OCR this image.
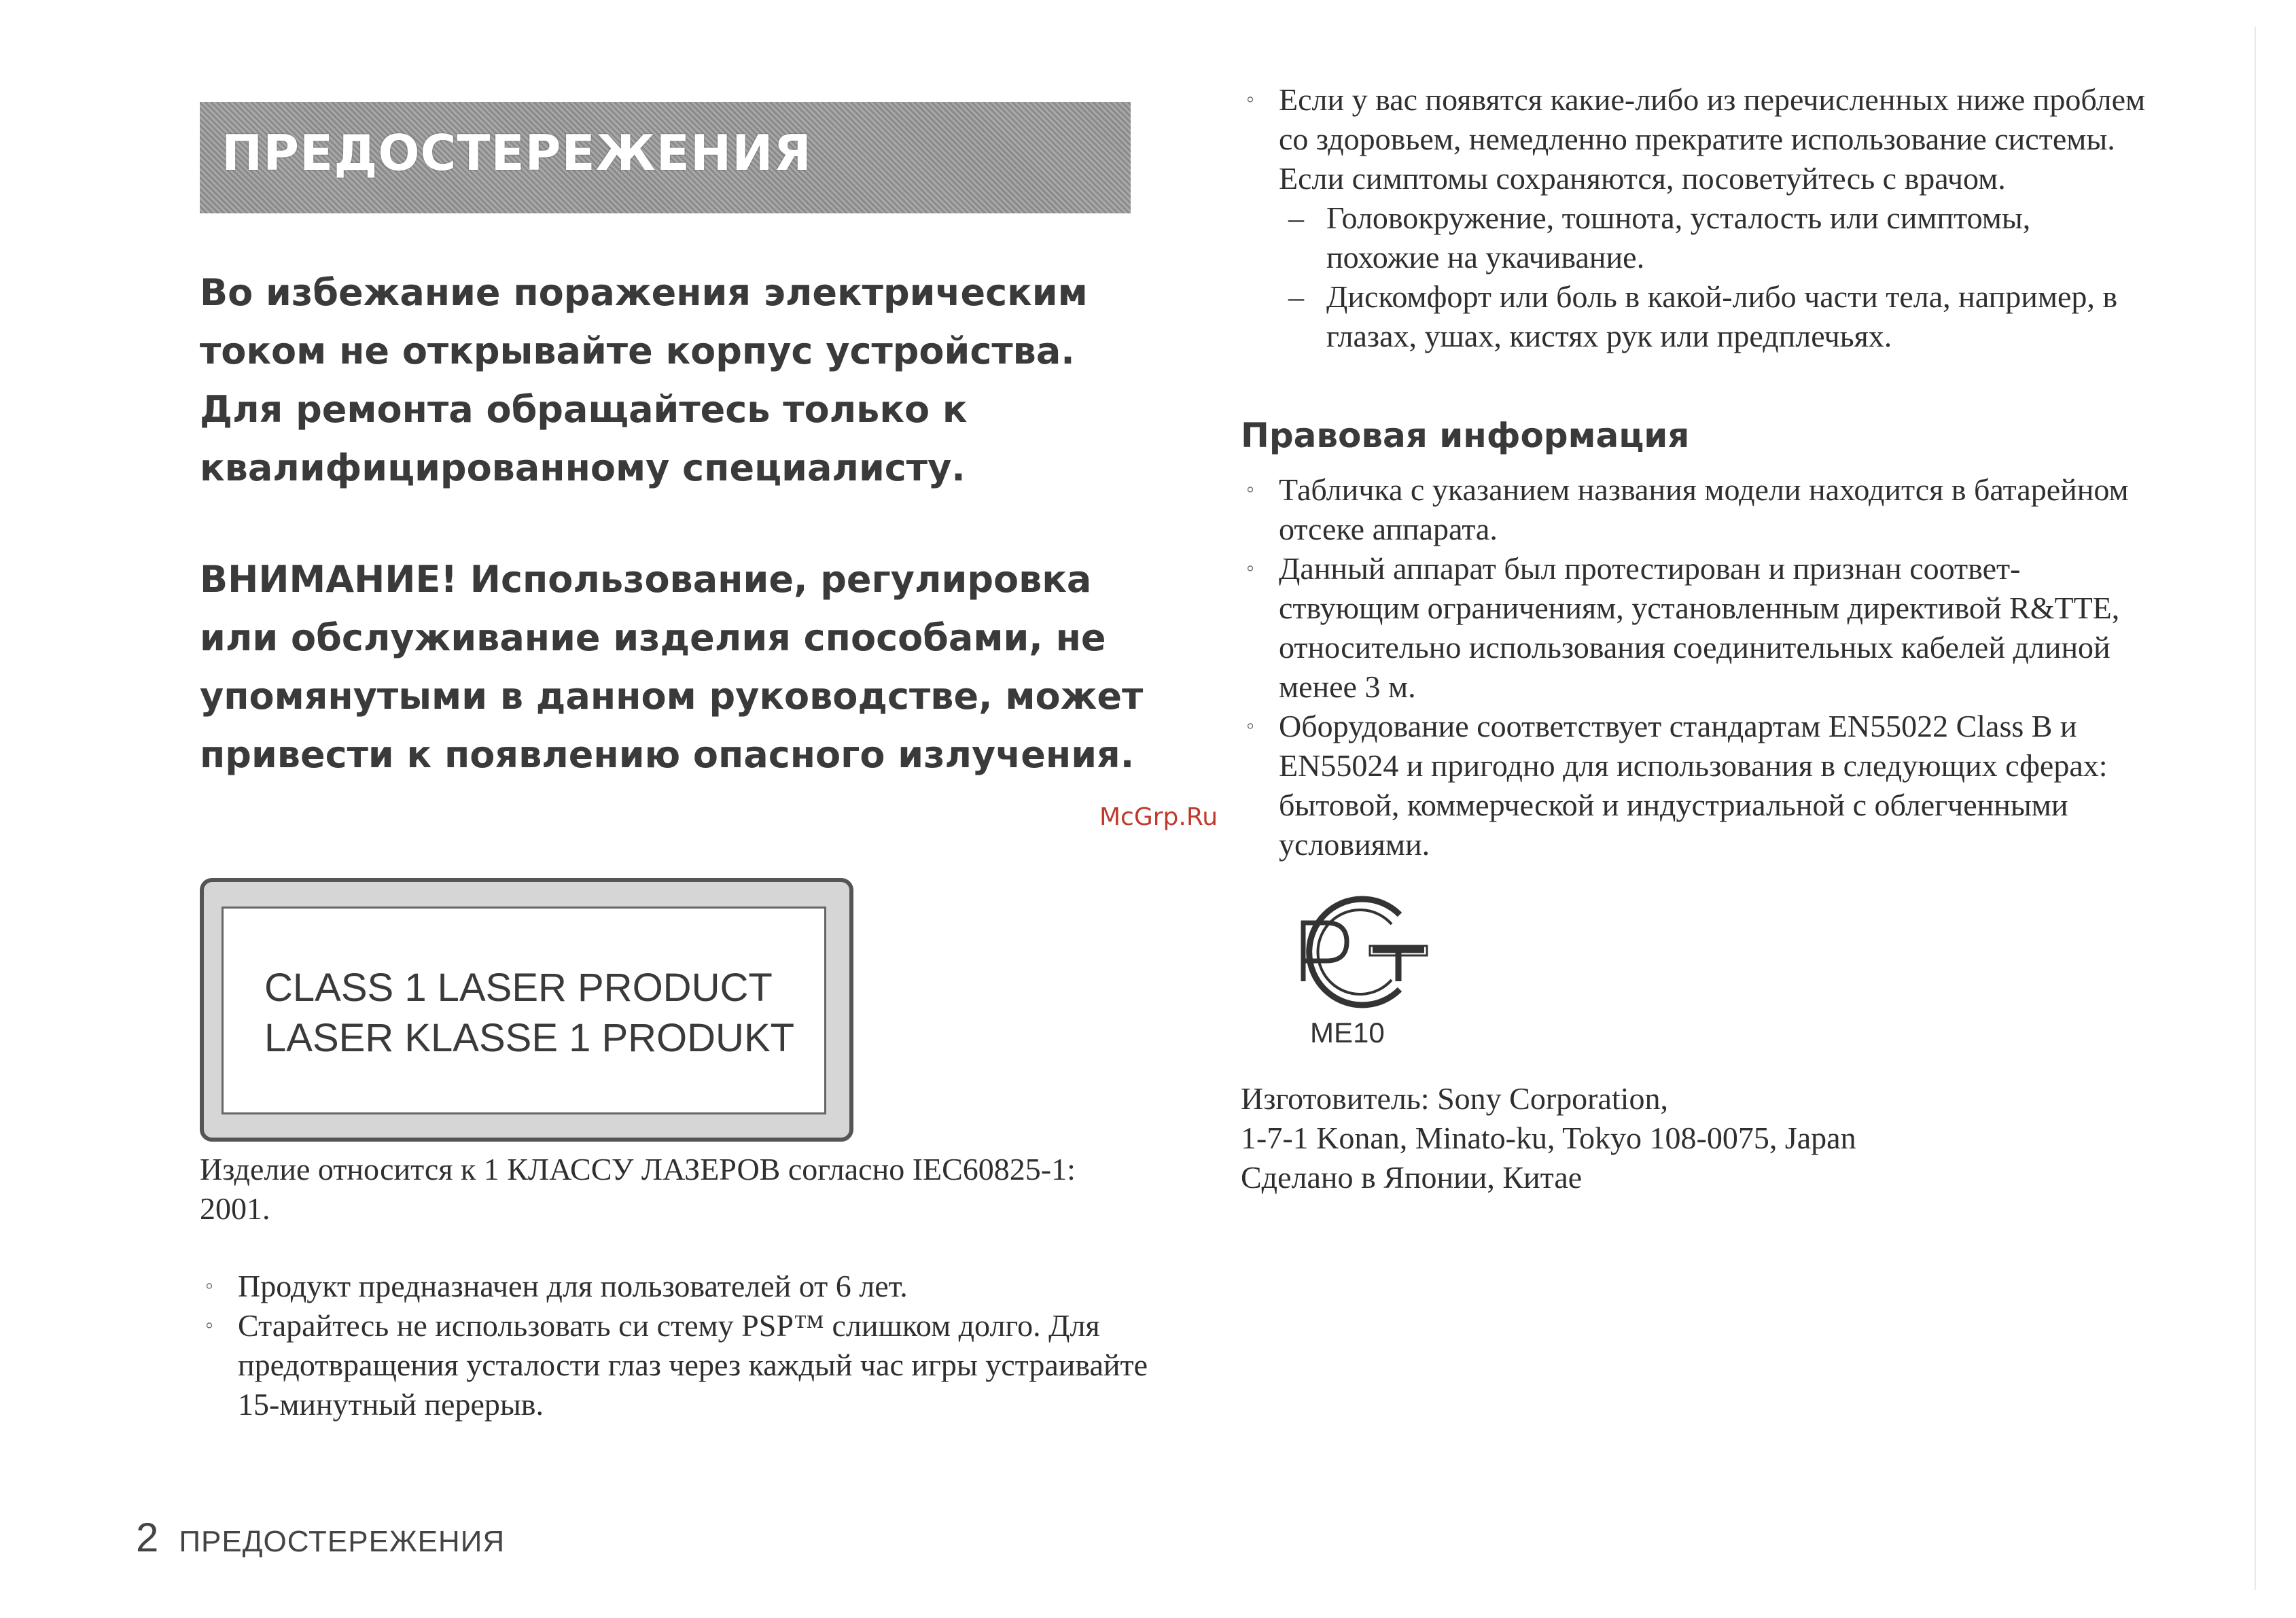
ПРЕДОСТЕРЕЖЕНИЯ
Во избежание поражения электрическим током не открывайте корпус устройства. Для ремонта обращайтесь только к квалифицированному специалисту.
ВНИМАНИЕ! Использование, регулировка или обслуживание изделия способами, не упомянутыми в данном руководстве, может привести к появлению опасного излучения.
CLASS 1 LASER PRODUCT
LASER KLASSE 1 PRODUKT
Изделие относится к 1 КЛАССУ ЛАЗЕРОВ согласно IEC60825-1: 2001.
◦ Продукт предназначен для пользователей от 6 лет.
◦ Старайтесь не использовать си стему PSP™ слишком долго. Для предотвращения усталости глаз через каждый час игры устраивайте 15-минутный перерыв.
2 ПРЕДОСТЕРЕЖЕНИЯ
◦ Если у вас появятся какие-либо из перечисленных ниже проблем со здоровьем, немедленно прекратите использование системы. Если симптомы сохраняются, посоветуйтесь с врачом.
– Головокружение, тошнота, усталость или симптомы, похожие на укачивание.
– Дискомфорт или боль в какой-либо части тела, например, в глазах, ушах, кистях рук или предплечьях.
Правовая информация
◦ Табличка с указанием названия модели находится в батарейном отсеке аппарата.
◦ Данный аппарат был протестирован и признан соответ-ствующим ограничениям, установленным директивой R&TTE, относительно использования соединительных кабелей длиной менее 3 м.
◦ Оборудование соответствует стандартам EN55022 Class B и EN55024 и пригодно для использования в следующих сферах: бытовой, коммерческой и индустриальной с облегченными условиями.
McGrp.Ru
ME10
Изготовитель: Sony Corporation,
1-7-1 Konan, Minato-ku, Tokyo 108-0075, Japan
Сделано в Японии, Китае
